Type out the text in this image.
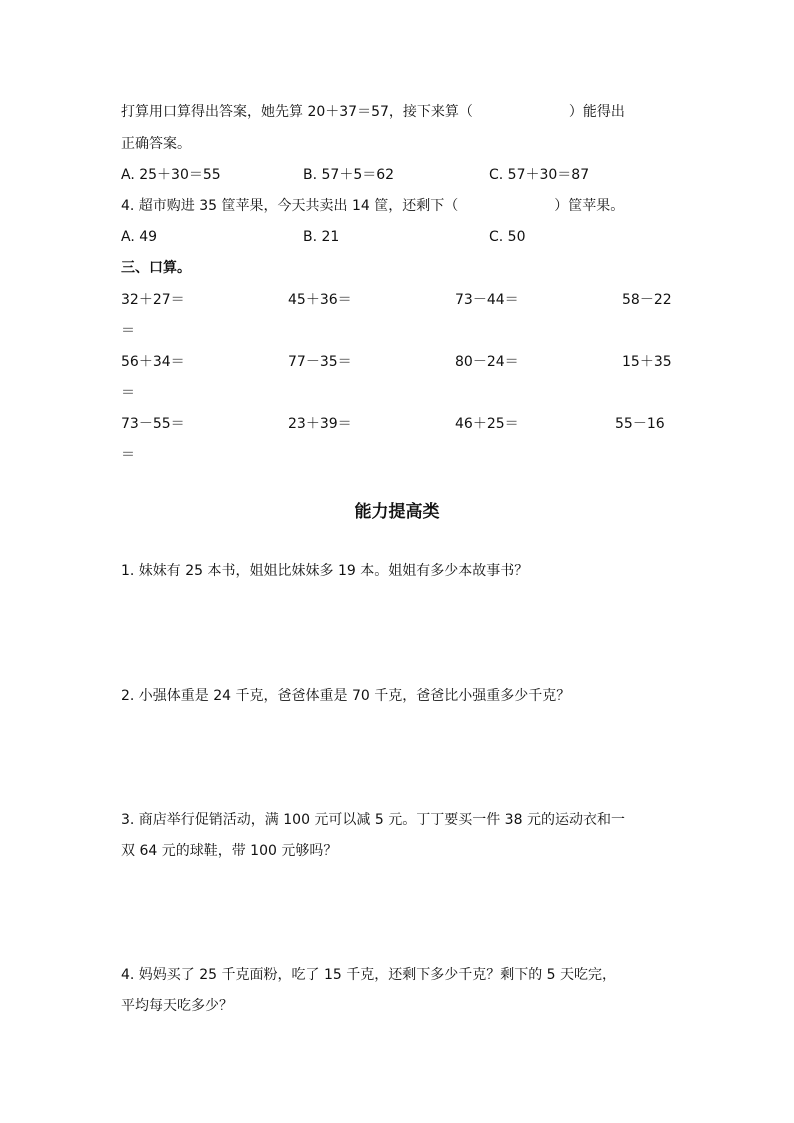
打算用口算得出答案，她先算 20＋37＝57，接下来算（	）能得出
正确答案。
A. 25＋30＝55	B. 57＋5＝62	C. 57＋30＝87
4. 超市购进 35 筐苹果，今天共卖出 14 筐，还剩下（	）筐苹果。
A. 49	B. 21	C. 50
三、口算。
32＋27＝	45＋36＝	73－44＝	58－22
＝
56＋34＝	77－35＝	80－24＝	15＋35
＝
73－55＝	23＋39＝	46＋25＝	55－16
＝
能力提高类
1. 妹妹有 25 本书，姐姐比妹妹多 19 本。姐姐有多少本故事书？
2. 小强体重是 24 千克，爸爸体重是 70 千克，爸爸比小强重多少千克？
3. 商店举行促销活动，满 100 元可以减 5 元。丁丁要买一件 38 元的运动衣和一
双 64 元的球鞋，带 100 元够吗？
4. 妈妈买了 25 千克面粉，吃了 15 千克，还剩下多少千克？剩下的 5 天吃完，
平均每天吃多少？
